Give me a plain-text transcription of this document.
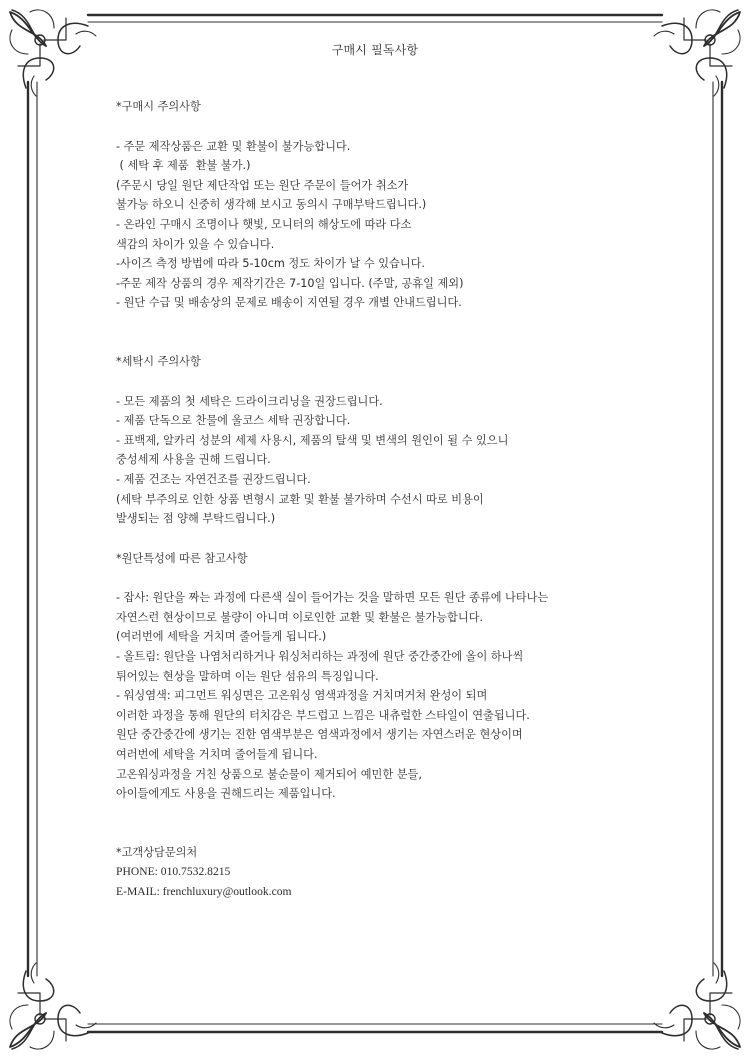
구매시 필독사항

*구매시 주의사항

- 주문 제작상품은 교환 및 환불이 불가능합니다.

( 세탁 후 제품  환불 불가.)

(주문시 당일 원단 제단작업 또는 원단 주문이 들어가 취소가

불가능 하오니 신중히 생각해 보시고 동의시 구매부탁드립니다.)

- 온라인 구매시 조명이나 햇빛, 모니터의 해상도에 따라 다소

색감의 차이가 있을 수 있습니다.

-사이즈 측정 방법에 따라 5-10cm 정도 차이가 날 수 있습니다.

-주문 제작 상품의 경우 제작기간은 7-10일 입니다. (주말, 공휴일 제외)

- 원단 수급 및 배송상의 문제로 배송이 지연될 경우 개별 안내드립니다.

*세탁시 주의사항

- 모든 제품의 첫 세탁은 드라이크리닝을 권장드립니다.

- 제품 단독으로 찬물에 울코스 세탁 권장합니다.

- 표백제, 알카리 성분의 세제 사용시, 제품의 탈색 및 변색의 원인이 될 수 있으니

중성세제 사용을 권해 드립니다.

- 제품 건조는 자연건조를 권장드립니다.

(세탁 부주의로 인한 상품 변형시 교환 및 환불 불가하며 수선시 따로 비용이

발생되는 점 양해 부탁드립니다.)

*원단특성에 따른 참고사항

- 잡사: 원단을 짜는 과정에 다른색 실이 들어가는 것을 말하면 모든 원단 종류에 나타나는

자연스런 현상이므로 불량이 아니며 이로인한 교환 및 환불은 불가능합니다.

(여러번에 세탁을 거치며 줄어들게 됩니다.)

- 올트림: 원단을 나염처리하거나 워싱처리하는 과정에 원단 중간중간에 올이 하나씩

튀어있는 현상을 말하며 이는 원단 섬유의 특징입니다.

- 워싱염색: 피그먼트 워싱면은 고온워싱 염색과정을 거치며거쳐 완성이 되며

이러한 과정을 통해 원단의 터치감은 부드럽고 느낌은 내츄럴한 스타일이 연출됩니다.

원단 중간중간에 생기는 진한 염색부분은 염색과정에서 생기는 자연스러운 현상이며

여러번에 세탁을 거치며 줄어들게 됩니다.

고온워싱과정을 거친 상품으로 불순물이 제거되어 예민한 분들,

아이들에게도 사용을 권해드리는 제품입니다.

*고객상담문의처

PHONE: 010.7532.8215

E-MAIL: frenchluxury@outlook.com
